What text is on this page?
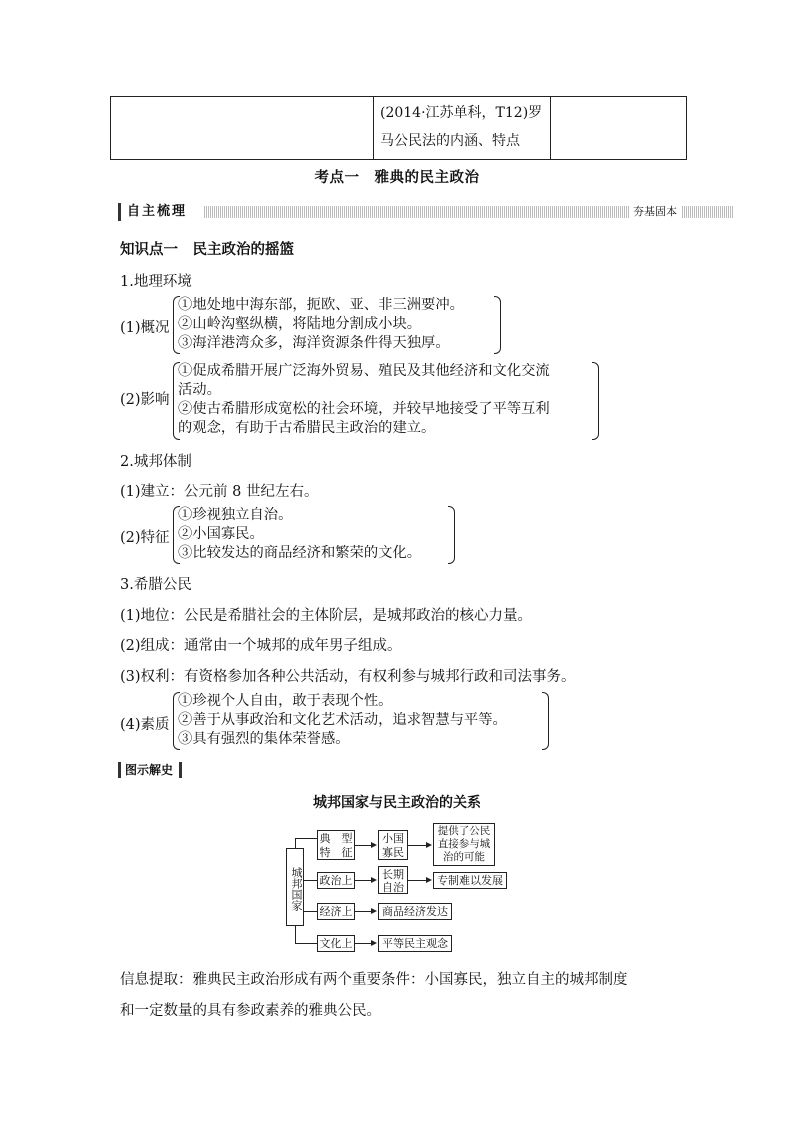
(2014·江苏单科，T12)罗
马公民法的内涵、特点
考点一　雅典的民主政治
自主梳理	夯基固本
知识点一　民主政治的摇篮
1.地理环境
(1)概况
①地处地中海东部，扼欧、亚、非三洲要冲。
②山岭沟壑纵横，将陆地分割成小块。
③海洋港湾众多，海洋资源条件得天独厚。
(2)影响
①促成希腊开展广泛海外贸易、殖民及其他经济和文化交流
活动。
②使古希腊形成宽松的社会环境，并较早地接受了平等互利
的观念，有助于古希腊民主政治的建立。
2.城邦体制
(1)建立：公元前 8 世纪左右。
(2)特征
①珍视独立自治。
②小国寡民。
③比较发达的商品经济和繁荣的文化。
3.希腊公民
(1)地位：公民是希腊社会的主体阶层，是城邦政治的核心力量。
(2)组成：通常由一个城邦的成年男子组成。
(3)权利：有资格参加各种公共活动，有权利参与城邦行政和司法事务。
(4)素质
①珍视个人自由，敢于表现个性。
②善于从事政治和文化艺术活动，追求智慧与平等。
③具有强烈的集体荣誉感。
图示解史
城邦国家与民主政治的关系
城邦国家
典　型
特　征
小国
寡民
提供了公民
直接参与城
治的可能
政治上	长期
自治
专制难以发展
经济上	商品经济发达
文化上	平等民主观念
信息提取：雅典民主政治形成有两个重要条件：小国寡民，独立自主的城邦制度
和一定数量的具有参政素养的雅典公民。
